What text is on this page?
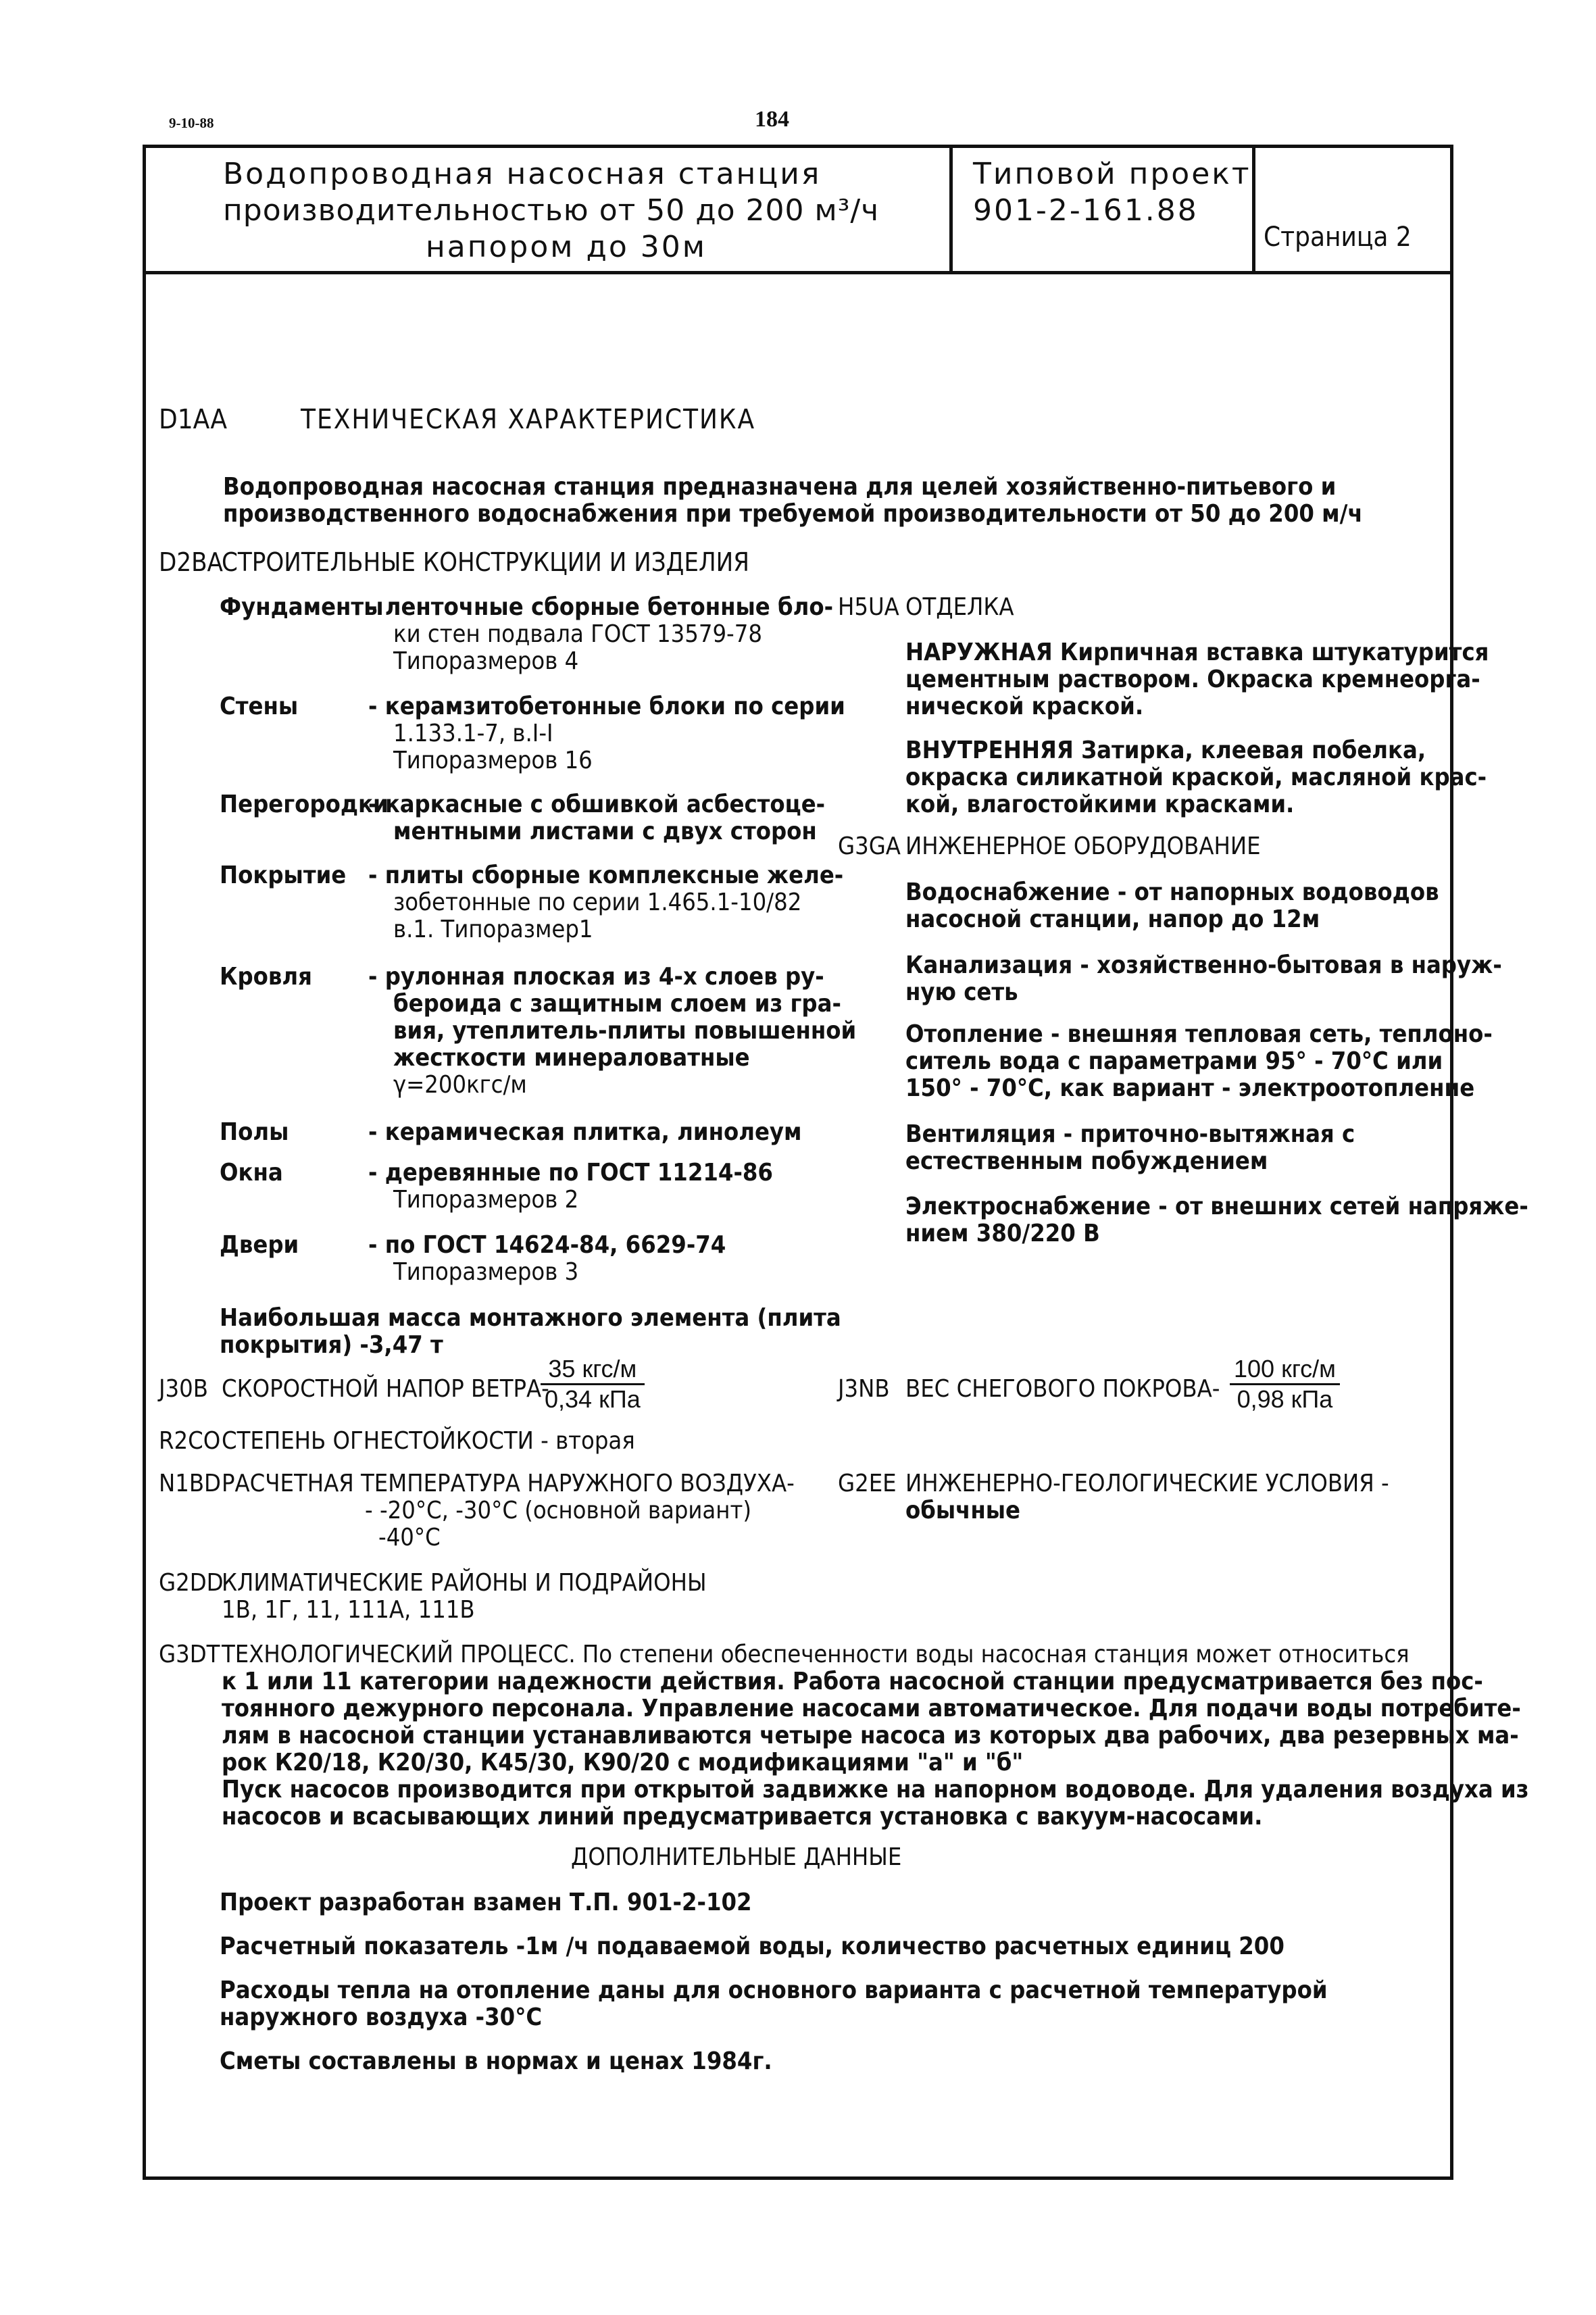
9-10-88	184
Водопроводная насосная станция
производительностью от 50 до 200 м³/ч
напором до 30м
Типовой проект
901-2-161.88
Страница 2
D1AA	ТЕХНИЧЕСКАЯ ХАРАКТЕРИСТИКА
Водопроводная насосная станция предназначена для целей хозяйственно-питьевого и
производственного водоснабжения при требуемой производительности от 50 до 200 м/ч
D2BA
СТРОИТЕЛЬНЫЕ КОНСТРУКЦИИ И ИЗДЕЛИЯ
Фундаменты
- ленточные сборные бетонные бло-
ки стен подвала ГОСТ 13579-78
Типоразмеров 4
Стены	- керамзитобетонные блоки по серии
1.133.1-7, в.I-I
Типоразмеров 16
Перегородки
- каркасные с обшивкой асбестоце-
ментными листами с двух сторон
Покрытие - плиты сборные комплексные желе-
зобетонные по серии 1.465.1-10/82
в.1. Типоразмер1
Кровля - рулонная плоская из 4-х слоев ру-
бероида с защитным слоем из гра-
вия, утеплитель-плиты повышенной
жесткости минераловатные
γ=200кгс/м
Полы	- керамическая плитка, линолеум
Окна	- деревянные по ГОСТ 11214-86
Типоразмеров 2
Двери	- по ГОСТ 14624-84, 6629-74
Типоразмеров 3
Наибольшая масса монтажного элемента (плита
покрытия) -3,47 т
H5UA ОТДЕЛКА
НАРУЖНАЯ Кирпичная вставка штукатурится
цементным раствором. Окраска кремнеорга-
нической краской.
ВНУТРЕННЯЯ Затирка, клеевая побелка,
окраска силикатной краской, масляной крас-
кой, влагостойкими красками.
G3GA ИНЖЕНЕРНОЕ ОБОРУДОВАНИЕ
Водоснабжение - от напорных водоводов
насосной станции, напор до 12м
Канализация - хозяйственно-бытовая в наруж-
ную сеть
Отопление - внешняя тепловая сеть, теплоно-
ситель вода с параметрами 95° - 70°С или
150° - 70°С, как вариант - электроотопление
Вентиляция - приточно-вытяжная с
естественным побуждением
Электроснабжение - от внешних сетей напряже-
нием 380/220 В
J30B СКОРОСТНОЙ НАПОР ВЕТРА-
35 кгс/м
0,34 кПа	J3NB ВЕС СНЕГОВОГО ПОКРОВА-
100 кгс/м
0,98 кПа
R2CO СТЕПЕНЬ ОГНЕСТОЙКОСТИ - вторая
N1BD РАСЧЕТНАЯ ТЕМПЕРАТУРА НАРУЖНОГО ВОЗДУХА-
- -20°С, -30°С (основной вариант)
-40°С
G2EE ИНЖЕНЕРНО-ГЕОЛОГИЧЕСКИЕ УСЛОВИЯ -
обычные
G2DD
КЛИМАТИЧЕСКИЕ РАЙОНЫ И ПОДРАЙОНЫ
1В, 1Г, 11, 111А, 111В
G3DT ТЕХНОЛОГИЧЕСКИЙ ПРОЦЕСС. По степени обеспеченности воды насосная станция может относиться
к 1 или 11 категории надежности действия. Работа насосной станции предусматривается без пос-
тоянного дежурного персонала. Управление насосами автоматическое. Для подачи воды потребите-
лям в насосной станции устанавливаются четыре насоса из которых два рабочих, два резервных ма-
рок К20/18, К20/30, К45/30, К90/20 с модификациями "а" и "б"
Пуск насосов производится при открытой задвижке на напорном водоводе. Для удаления воздуха из
насосов и всасывающих линий предусматривается установка с вакуум-насосами.
ДОПОЛНИТЕЛЬНЫЕ ДАННЫЕ
Проект разработан взамен Т.П. 901-2-102
Расчетный показатель -1м /ч подаваемой воды, количество расчетных единиц 200
Расходы тепла на отопление даны для основного варианта с расчетной температурой
наружного воздуха -30°С
Сметы составлены в нормах и ценах 1984г.
